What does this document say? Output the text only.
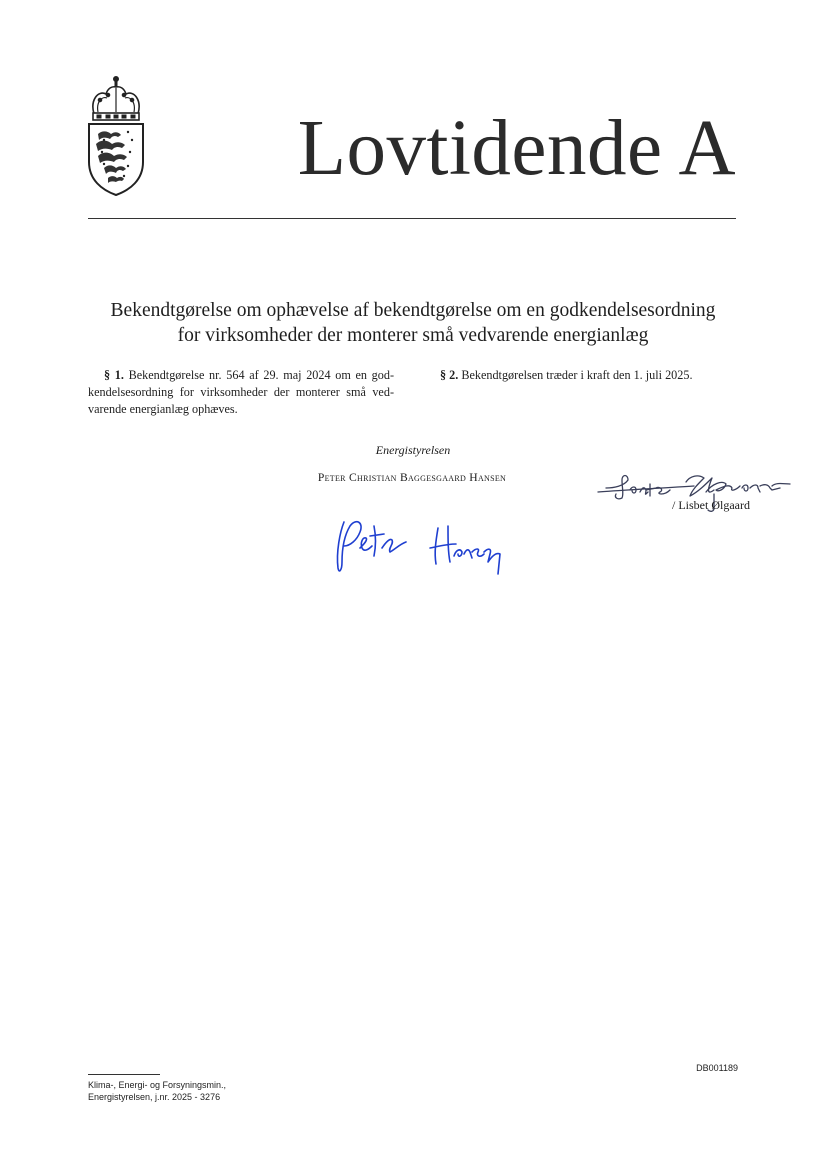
Lovtidende A
Bekendtgørelse om ophævelse af bekendtgørelse om en godkendelsesordning
for virksomheder der monterer små vedvarende energianlæg
§ 1. Bekendtgørelse nr. 564 af 29. maj 2024 om en god-
kendelsesordning for virksomheder der monterer små ved-
varende energianlæg ophæves.
§ 2. Bekendtgørelsen træder i kraft den 1. juli 2025.
Energistyrelsen
Peter Christian Baggesgaard Hansen
/ Lisbet Ølgaard
Klima-, Energi- og Forsyningsmin.,
Energistyrelsen, j.nr. 2025 - 3276
DB001189
